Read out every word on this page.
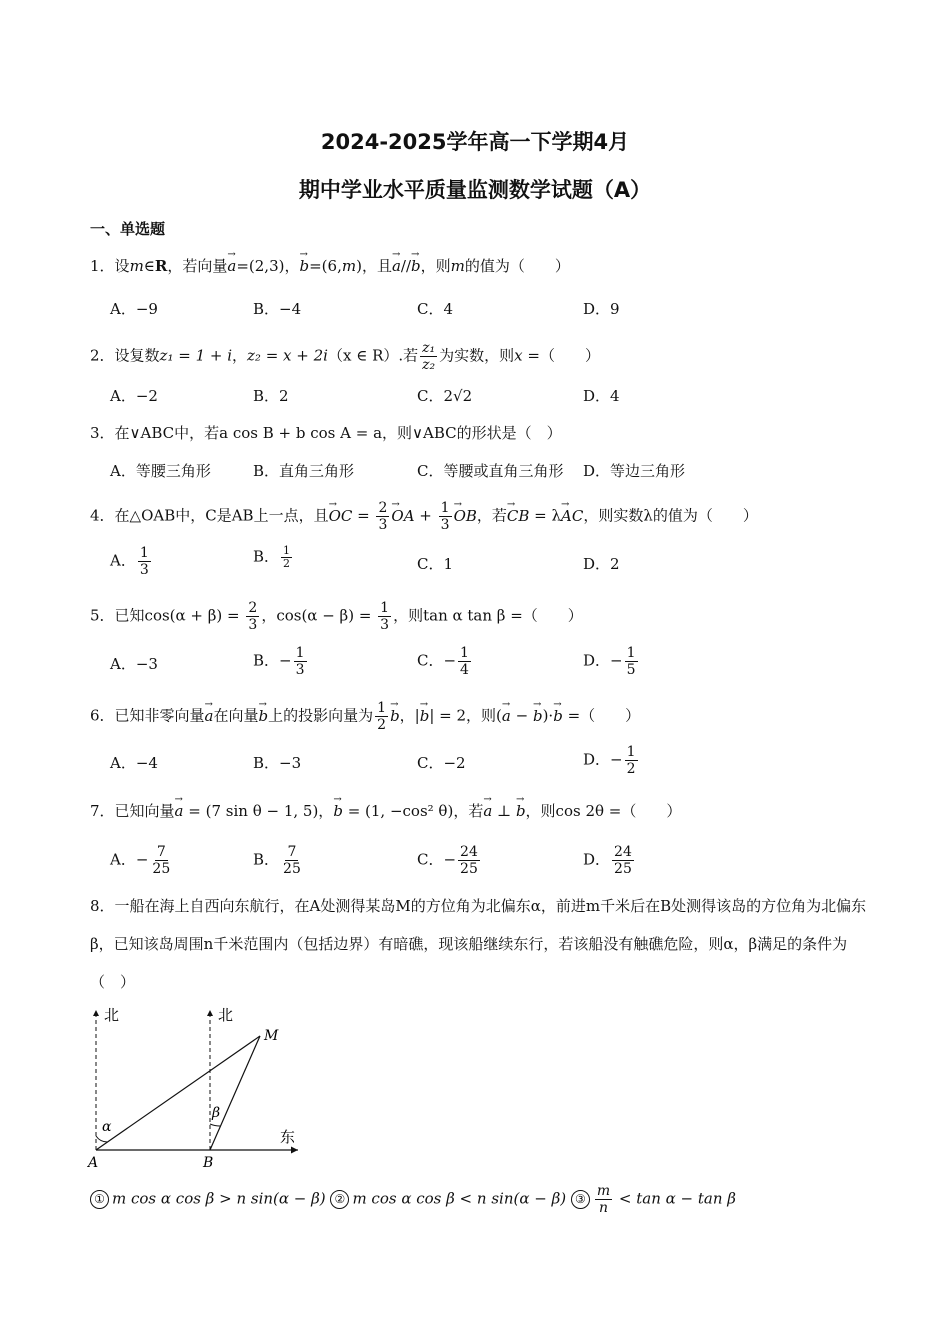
2024-2025学年高一下学期4月
期中学业水平质量监测数学试题（A）
一、单选题
1．设m∈R，若向量→ a=(2,3)，→ b=(6,m)，且→ a//→ b，则m的值为（　　）
A．−9	B．−4	C．4	D．9
2．设复数z₁ = 1 + i，z₂ = x + 2i（x ∈ R）.若 $\frac{\text{z₁}}{\text{z₂}}$ 为实数，则x =（　　）
A．−2	B．2	C．2√2	D．4
3．在∨ABC中，若a cos B + b cos A = a，则∨ABC的形状是（　）
A．等腰三角形	B．直角三角形	C．等腰或直角三角形 D．等边三角形
4．在△OAB中，C是AB上一点，且→ OC = $\frac{2}{3}$
→ OA + $\frac{1}{3}$
→ OB，若→ CB = λ→ AC，则实数λ的值为（　　）
A． $\frac{1}{3}$	B． $\frac{1}{2}$	C．1	D．2
5．已知$\cos(\alpha + \beta) = \frac{2}{3}$ ，$\cos(\alpha - \beta) = \frac{1}{3}$ ，则tan α tan β =（　　）
A．−3	B．− $\frac{1}{3}$	C．− $\frac{1}{4}$	D．− $\frac{1}{5}$
6．已知非零向量→ a在向量→ b上的投影向量为 $\frac{1}{2}$
→ b，|→ b| = 2，则(→ a − → b)·→ b =（　　）
A．−4	B．−3	C．−2	D．− $\frac{1}{2}$
7．已知向量→ a = (7 sin θ − 1, 5)，→ b = (1, −cos² θ)，若→ a ⊥ → b，则cos 2θ =（　　）
A．− $\frac{7}{25}$	B． $\frac{7}{25}$	C．− $\frac{24}{25}$	D． $\frac{24}{25}$
8．一船在海上自西向东航行，在A处测得某岛M的方位角为北偏东α，前进m千米后在B处测得该岛的方位角为北偏东β，已知该岛周围n千米范围内（包括边界）有暗礁，现该船继续东行，若该船没有触礁危险，则α，β满足的条件为（　）
北	北
东
A	B
M
α
β
① m cos α cos β > n sin(α − β) ② m cos α cos β < n sin(α − β) ③ $\frac{m}{n} < \tan \alpha - \tan \beta$
